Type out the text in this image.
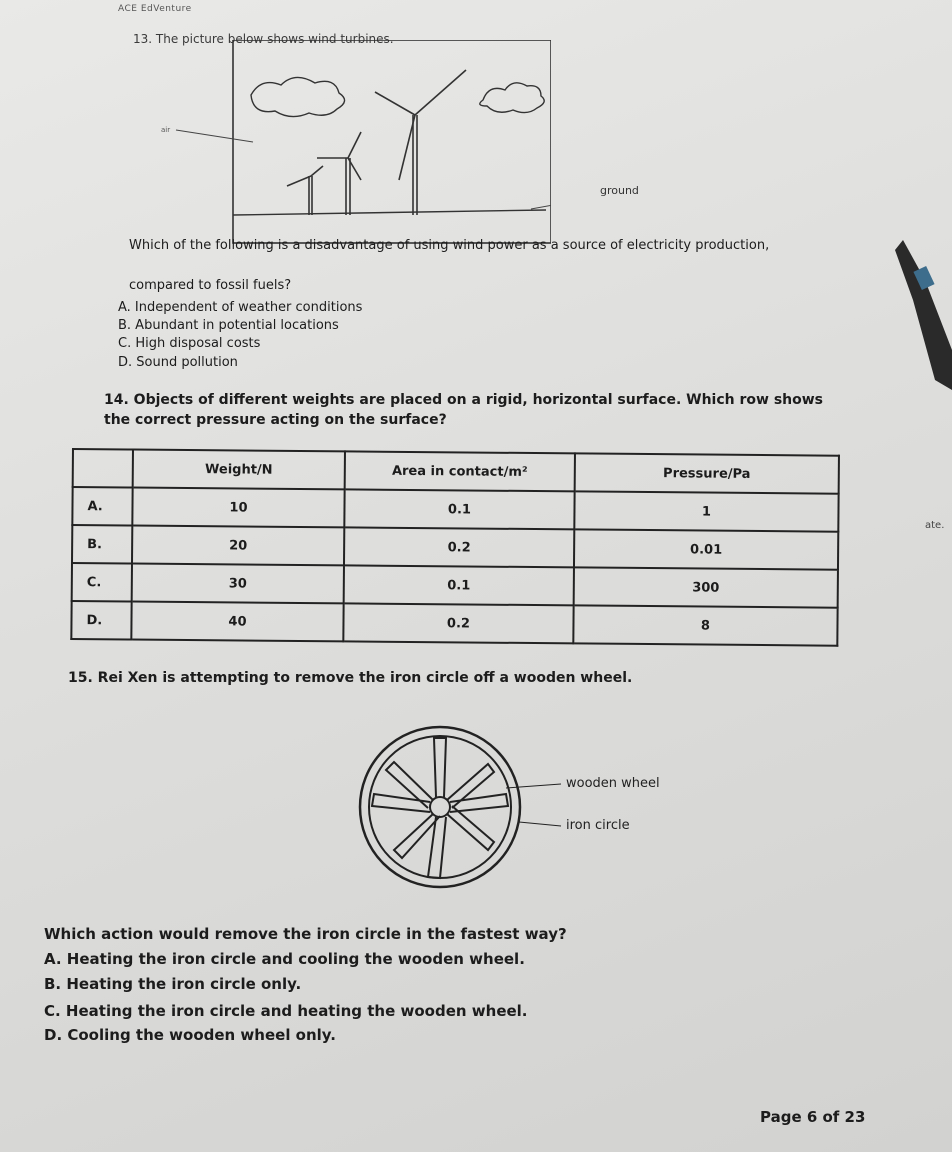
ACE EdVenture
13. The picture below shows wind turbines.
air
ground
Which of the following is a disadvantage of using wind power as a source of electricity production,
compared to fossil fuels?
A. Independent of weather conditions
B. Abundant in potential locations
C. High disposal costs
D. Sound pollution
14. Objects of different weights are placed on a rigid, horizontal surface. Which row shows the correct pressure acting on the surface?
	Weight/N	Area in contact/m²	Pressure/Pa
A.	10	0.1	1
B.	20	0.2	0.01
C.	30	0.1	300
D.	40	0.2	8
ate.
15. Rei Xen is attempting to remove the iron circle off a wooden wheel.
wooden wheel
iron circle
Which action would remove the iron circle in the fastest way?
A. Heating the iron circle and cooling the wooden wheel.
B. Heating the iron circle only.
C. Heating the iron circle and heating the wooden wheel.
D. Cooling the wooden wheel only.
Page 6 of 23
